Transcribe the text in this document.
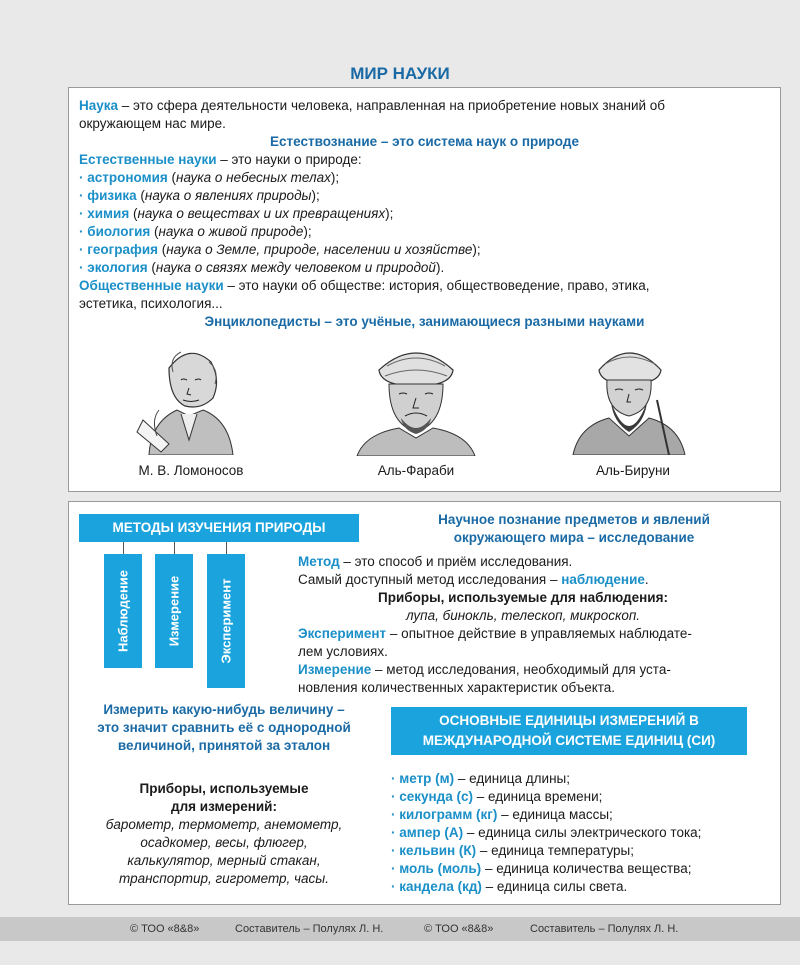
МИР НАУКИ
Наука – это сфера деятельности человека, направленная на приобретение новых знаний об
окружающем нас мире.
Естествознание – это система наук о природе
Естественные науки – это науки о природе:
· астрономия (наука о небесных телах);
· физика (наука о явлениях природы);
· химия (наука о веществах и их превращениях);
· биология (наука о живой природе);
· география (наука о Земле, природе, населении и хозяйстве);
· экология (наука о связях между человеком и природой).
Общественные науки – это науки об обществе: история, обществоведение, право, этика,
эстетика, психология...
Энциклопедисты – это учёные, занимающиеся разными науками
М. В. Ломоносов	Аль-Фараби	Аль-Бируни
МЕТОДЫ ИЗУЧЕНИЯ ПРИРОДЫ
Наблюдение	Измерение	Эксперимент
Научное познание предметов и явлений
окружающего мира – исследование
Метод – это способ и приём исследования.
Самый доступный метод исследования – наблюдение.
Приборы, используемые для наблюдения:
лупа, бинокль, телескоп, микроскоп.
Эксперимент – опытное действие в управляемых наблюдате-
лем условиях.
Измерение – метод исследования, необходимый для уста-
новления количественных характеристик объекта.
Измерить какую-нибудь величину –
это значит сравнить её с однородной
величиной, принятой за эталон
Приборы, используемые
для измерений:
барометр, термометр, анемометр,
осадкомер, весы, флюгер,
калькулятор, мерный стакан,
транспортир, гигрометр, часы.
ОСНОВНЫЕ ЕДИНИЦЫ ИЗМЕРЕНИЙ В
МЕЖДУНАРОДНОЙ СИСТЕМЕ ЕДИНИЦ (СИ)
· метр (м) – единица длины;
· секунда (с) – единица времени;
· килограмм (кг) – единица массы;
· ампер (А) – единица силы электрического тока;
· кельвин (К) – единица температуры;
· моль (моль) – единица количества вещества;
· кандела (кд) – единица силы света.
© ТОО «8&8»	Составитель – Полулях Л. Н.	© ТОО «8&8»	Составитель – Полулях Л. Н.
